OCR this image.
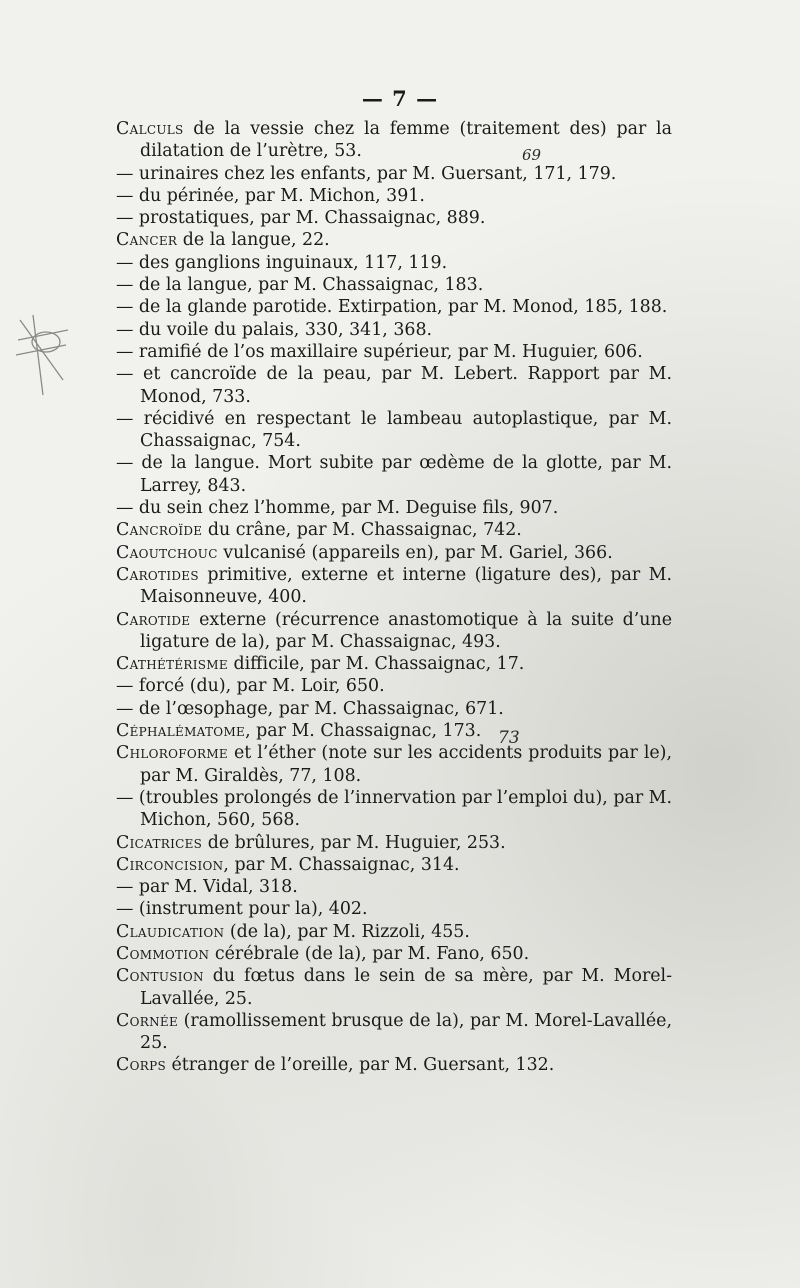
— 7 —
69
73
Calculs de la vessie chez la femme (traitement des) par la dilatation de l’urètre, 53.
— urinaires chez les enfants, par M. Guersant, 171, 179.
— du périnée, par M. Michon, 391.
— prostatiques, par M. Chassaignac, 889.
Cancer de la langue, 22.
— des ganglions inguinaux, 117, 119.
— de la langue, par M. Chassaignac, 183.
— de la glande parotide. Extirpation, par M. Monod, 185, 188.
— du voile du palais, 330, 341, 368.
— ramifié de l’os maxillaire supérieur, par M. Huguier, 606.
— et cancroïde de la peau, par M. Lebert. Rapport par M. Monod, 733.
— récidivé en respectant le lambeau autoplastique, par M. Chassaignac, 754.
— de la langue. Mort subite par œdème de la glotte, par M. Larrey, 843.
— du sein chez l’homme, par M. Deguise fils, 907.
Cancroïde du crâne, par M. Chassaignac, 742.
Caoutchouc vulcanisé (appareils en), par M. Gariel, 366.
Carotides primitive, externe et interne (ligature des), par M. Maisonneuve, 400.
Carotide externe (récurrence anastomotique à la suite d’une ligature de la), par M. Chassaignac, 493.
Cathétérisme difficile, par M. Chassaignac, 17.
— forcé (du), par M. Loir, 650.
— de l’œsophage, par M. Chassaignac, 671.
Céphalématome, par M. Chassaignac, 173.
Chloroforme et l’éther (note sur les accidents produits par le), par M. Giraldès, 77, 108.
— (troubles prolongés de l’innervation par l’emploi du), par M. Michon, 560, 568.
Cicatrices de brûlures, par M. Huguier, 253.
Circoncision, par M. Chassaignac, 314.
— par M. Vidal, 318.
— (instrument pour la), 402.
Claudication (de la), par M. Rizzoli, 455.
Commotion cérébrale (de la), par M. Fano, 650.
Contusion du fœtus dans le sein de sa mère, par M. Morel-Lavallée, 25.
Cornée (ramollissement brusque de la), par M. Morel-Lavallée, 25.
Corps étranger de l’oreille, par M. Guersant, 132.
